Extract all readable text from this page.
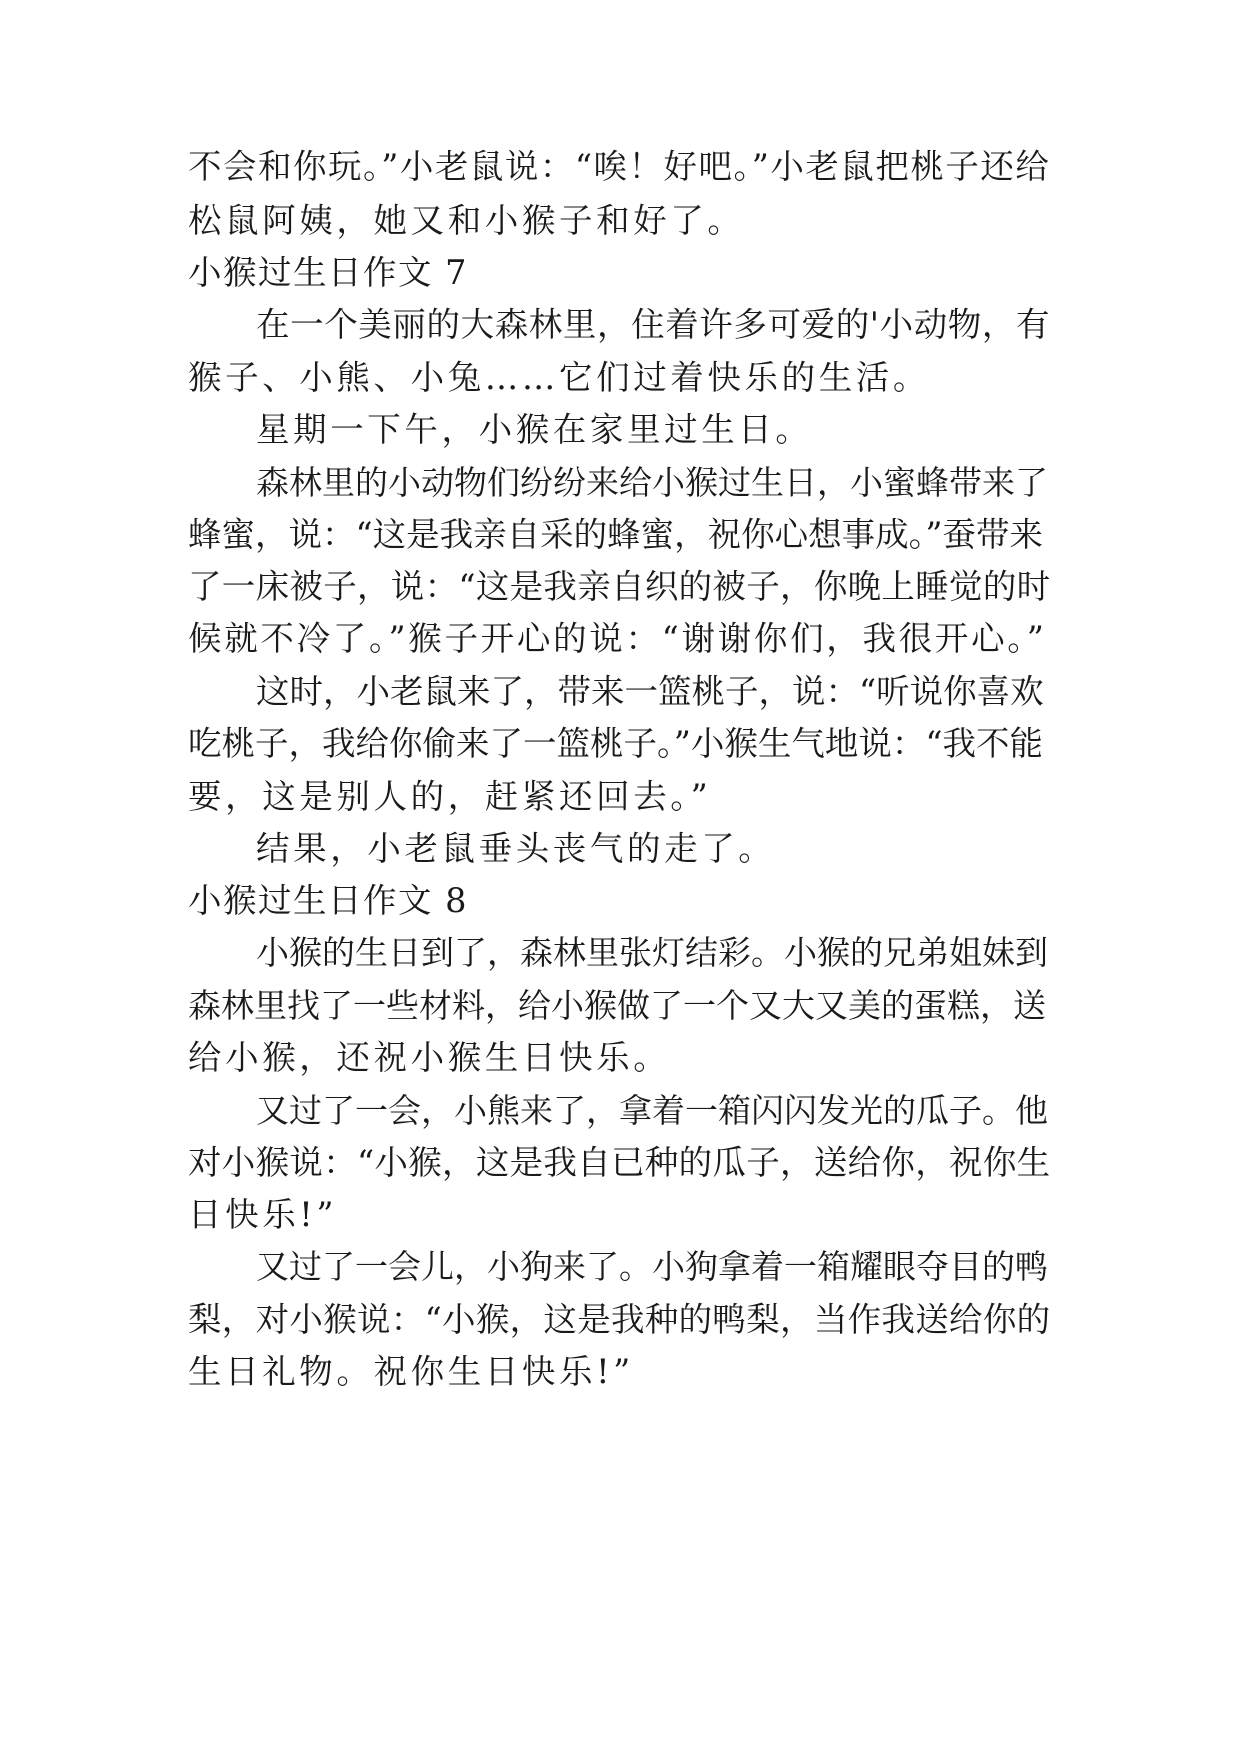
不会和你玩。”小老鼠说：“唉！好吧。”小老鼠把桃子还给
松鼠阿姨，她又和小猴子和好了。
小猴过生日作文 7
在一个美丽的大森林里，住着许多可爱的'小动物，有
猴子、小熊、小兔……它们过着快乐的生活。
星期一下午，小猴在家里过生日。
森林里的小动物们纷纷来给小猴过生日，小蜜蜂带来了
蜂蜜，说：“这是我亲自采的蜂蜜，祝你心想事成。”蚕带来
了一床被子，说：“这是我亲自织的被子，你晚上睡觉的时
候就不冷了。”猴子开心的说：“谢谢你们，我很开心。”
这时，小老鼠来了，带来一篮桃子，说：“听说你喜欢
吃桃子，我给你偷来了一篮桃子。”小猴生气地说：“我不能
要，这是别人的，赶紧还回去。”
结果，小老鼠垂头丧气的走了。
小猴过生日作文 8
小猴的生日到了，森林里张灯结彩。小猴的兄弟姐妹到
森林里找了一些材料，给小猴做了一个又大又美的蛋糕，送
给小猴，还祝小猴生日快乐。
又过了一会，小熊来了，拿着一箱闪闪发光的瓜子。他
对小猴说：“小猴，这是我自已种的瓜子，送给你，祝你生
日快乐!”
又过了一会儿，小狗来了。小狗拿着一箱耀眼夺目的鸭
梨，对小猴说：“小猴，这是我种的鸭梨，当作我送给你的
生日礼物。祝你生日快乐!”
